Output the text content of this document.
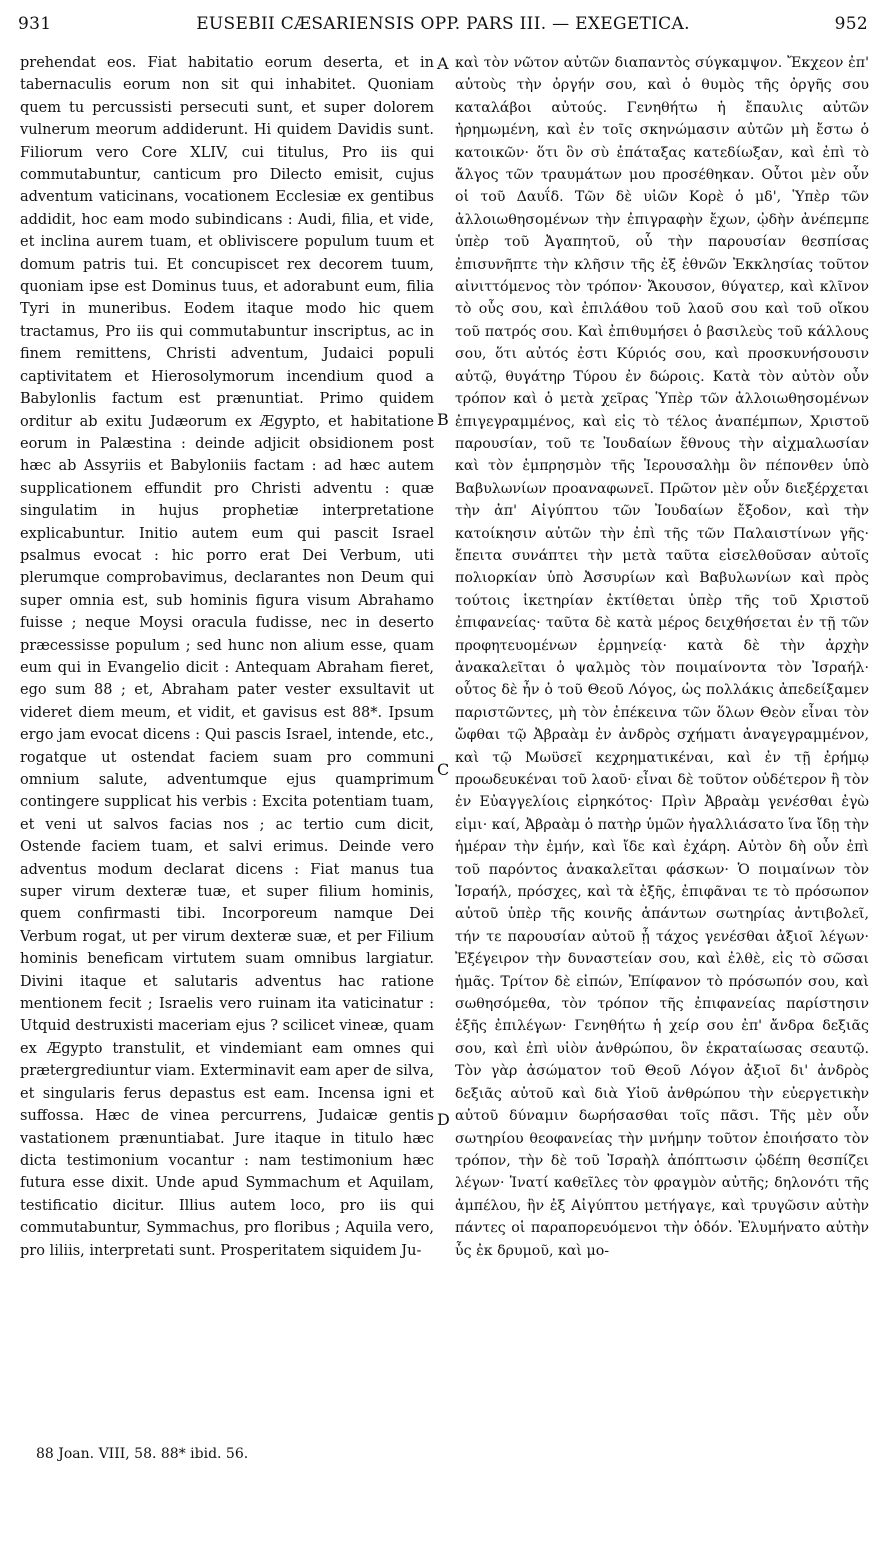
931	EUSEBII CÆSARIENSIS OPP. PARS III. — EXEGETICA.	952

prehendat eos. Fiat habitatio eorum deserta, et in tabernaculis eorum non sit qui inhabitet. Quoniam quem tu percussisti persecuti sunt, et super dolorem vulnerum meorum addiderunt. Hi quidem Davidis sunt. Filiorum vero Core XLIV, cui titulus, Pro iis qui commutabuntur, canticum pro Dilecto emisit, cujus adventum vaticinans, vocationem Ecclesiæ ex gentibus addidit, hoc eam modo subindicans : Audi, filia, et vide, et inclina aurem tuam, et obliviscere populum tuum et domum patris tui. Et concupiscet rex decorem tuum, quoniam ipse est Dominus tuus, et adorabunt eum, filia Tyri in muneribus. Eodem itaque modo hic quem tractamus, Pro iis qui commutabuntur inscriptus, ac in finem remittens, Christi adventum, Judaici populi captivitatem et Hierosolymorum incendium quod a Babylonlis factum est prænuntiat. Primo quidem orditur ab exitu Judæorum ex Ægypto, et habitatione eorum in Palæstina : deinde adjicit obsidionem post hæc ab Assyriis et Babyloniis factam : ad hæc autem supplicationem effundit pro Christi adventu : quæ singulatim in hujus prophetiæ interpretatione explicabuntur. Initio autem eum qui pascit Israel psalmus evocat : hic porro erat Dei Verbum, uti plerumque comprobavimus, declarantes non Deum qui super omnia est, sub hominis figura visum Abrahamo fuisse ; neque Moysi oracula fudisse, nec in deserto præcessisse populum ; sed hunc non alium esse, quam eum qui in Evangelio dicit : Antequam Abraham fieret, ego sum 88 ; et, Abraham pater vester exsultavit ut videret diem meum, et vidit, et gavisus est 88*. Ipsum ergo jam evocat dicens : Qui pascis Israel, intende, etc., rogatque ut ostendat faciem suam pro communi omnium salute, adventumque ejus quamprimum contingere supplicat his verbis : Excita potentiam tuam, et veni ut salvos facias nos ; ac tertio cum dicit, Ostende faciem tuam, et salvi erimus. Deinde vero adventus modum declarat dicens : Fiat manus tua super virum dexteræ tuæ, et super filium hominis, quem confirmasti tibi. Incorporeum namque Dei Verbum rogat, ut per virum dexteræ suæ, et per Filium hominis beneficam virtutem suam omnibus largiatur. Divini itaque et salutaris adventus hac ratione mentionem fecit ; Israelis vero ruinam ita vaticinatur : Utquid destruxisti maceriam ejus ? scilicet vineæ, quam ex Ægypto transtulit, et vindemiant eam omnes qui prætergrediuntur viam. Exterminavit eam aper de silva, et singularis ferus depastus est eam. Incensa igni et suffossa. Hæc de vinea percurrens, Judaicæ gentis vastationem prænuntiabat. Jure itaque in titulo hæc dicta testimonium vocantur : nam testimonium hæc futura esse dixit. Unde apud Symmachum et Aquilam, testificatio dicitur. Illius autem loco, pro iis qui commutabuntur, Symmachus, pro floribus ; Aquila vero, pro liliis, interpretati sunt. Prosperitatem siquidem Ju-

A
B
C
D

καὶ τὸν νῶτον αὐτῶν διαπαντὸς σύγκαμψον. Ἔκχεον ἐπ' αὐτοὺς τὴν ὀργήν σου, καὶ ὁ θυμὸς τῆς ὀργῆς σου καταλάβοι αὐτούς. Γενηθήτω ἡ ἔπαυλις αὐτῶν ἠρημωμένη, καὶ ἐν τοῖς σκηνώμασιν αὐτῶν μὴ ἔστω ὁ κατοικῶν· ὅτι ὃν σὺ ἐπάταξας κατεδίωξαν, καὶ ἐπὶ τὸ ἄλγος τῶν τραυμάτων μου προσέθηκαν. Οὗτοι μὲν οὖν οἱ τοῦ Δαυΐδ. Τῶν δὲ υἱῶν Κορὲ ὁ μδ', Ὑπὲρ τῶν ἀλλοιωθησομένων τὴν ἐπιγραφὴν ἔχων, ᾠδὴν ἀνέπεμπε ὑπὲρ τοῦ Ἀγαπητοῦ, οὗ τὴν παρουσίαν θεσπίσας ἐπισυνῆπτε τὴν κλῆσιν τῆς ἐξ ἐθνῶν Ἐκκλησίας τοῦτον αἰνιττόμενος τὸν τρόπον· Ἄκουσον, θύγατερ, καὶ κλῖνον τὸ οὖς σου, καὶ ἐπιλάθου τοῦ λαοῦ σου καὶ τοῦ οἴκου τοῦ πατρός σου. Καὶ ἐπιθυμήσει ὁ βασιλεὺς τοῦ κάλλους σου, ὅτι αὐτός ἐστι Κύριός σου, καὶ προσκυνήσουσιν αὐτῷ, θυγάτηρ Τύρου ἐν δώροις. Κατὰ τὸν αὐτὸν οὖν τρόπον καὶ ὁ μετὰ χεῖρας Ὑπὲρ τῶν ἀλλοιωθησομένων ἐπιγεγραμμένος, καὶ εἰς τὸ τέλος ἀναπέμπων, Χριστοῦ παρουσίαν, τοῦ τε Ἰουδαίων ἔθνους τὴν αἰχμαλωσίαν καὶ τὸν ἐμπρησμὸν τῆς Ἱερουσαλὴμ ὃν πέπονθεν ὑπὸ Βαβυλωνίων προαναφωνεῖ. Πρῶτον μὲν οὖν διεξέρχεται τὴν ἀπ' Αἰγύπτου τῶν Ἰουδαίων ἔξοδον, καὶ τὴν κατοίκησιν αὐτῶν τὴν ἐπὶ τῆς τῶν Παλαιστίνων γῆς· ἔπειτα συνάπτει τὴν μετὰ ταῦτα εἰσελθοῦσαν αὐτοῖς πολιορκίαν ὑπὸ Ἀσσυρίων καὶ Βαβυλωνίων καὶ πρὸς τούτοις ἱκετηρίαν ἐκτίθεται ὑπὲρ τῆς τοῦ Χριστοῦ ἐπιφανείας· ταῦτα δὲ κατὰ μέρος δειχθήσεται ἐν τῇ τῶν προφητευομένων ἑρμηνείᾳ· κατὰ δὲ τὴν ἀρχὴν ἀνακαλεῖται ὁ ψαλμὸς τὸν ποιμαίνοντα τὸν Ἰσραήλ· οὗτος δὲ ἦν ὁ τοῦ Θεοῦ Λόγος, ὡς πολλάκις ἀπεδείξαμεν παριστῶντες, μὴ τὸν ἐπέκεινα τῶν ὅλων Θεὸν εἶναι τὸν ὤφθαι τῷ Ἀβραὰμ ἐν ἀνδρὸς σχήματι ἀναγεγραμμένον, καὶ τῷ Μωϋσεῖ κεχρηματικέναι, καὶ ἐν τῇ ἐρήμῳ προωδευκέναι τοῦ λαοῦ· εἶναι δὲ τοῦτον οὐδέτερον ἢ τὸν ἐν Εὐαγγελίοις εἰρηκότος· Πρὶν Ἀβραὰμ γενέσθαι ἐγὼ εἰμι· καί, Ἀβραὰμ ὁ πατὴρ ὑμῶν ἠγαλλιάσατο ἵνα ἴδῃ τὴν ἡμέραν τὴν ἐμήν, καὶ ἴδε καὶ ἐχάρη. Αὐτὸν δὴ οὖν ἐπὶ τοῦ παρόντος ἀνακαλεῖται φάσκων· Ὁ ποιμαίνων τὸν Ἰσραήλ, πρόσχες, καὶ τὰ ἑξῆς, ἐπιφᾶναι τε τὸ πρόσωπον αὐτοῦ ὑπὲρ τῆς κοινῆς ἁπάντων σωτηρίας ἀντιβολεῖ, τήν τε παρουσίαν αὐτοῦ ᾗ τάχος γενέσθαι ἀξιοῖ λέγων· Ἐξέγειρον τὴν δυναστείαν σου, καὶ ἐλθὲ, εἰς τὸ σῶσαι ἡμᾶς. Τρίτον δὲ εἰπών, Ἐπίφανον τὸ πρόσωπόν σου, καὶ σωθησόμεθα, τὸν τρόπον τῆς ἐπιφανείας παρίστησιν ἑξῆς ἐπιλέγων· Γενηθήτω ἡ χείρ σου ἐπ' ἄνδρα δεξιᾶς σου, καὶ ἐπὶ υἱὸν ἀνθρώπου, ὃν ἐκραταίωσας σεαυτῷ. Τὸν γὰρ ἀσώματον τοῦ Θεοῦ Λόγον ἀξιοῖ δι' ἀνδρὸς δεξιᾶς αὐτοῦ καὶ διὰ Υἱοῦ ἀνθρώπου τὴν εὐεργετικὴν αὐτοῦ δύναμιν δωρήσασθαι τοῖς πᾶσι. Τῆς μὲν οὖν σωτηρίου θεοφανείας τὴν μνήμην τοῦτον ἐποιήσατο τὸν τρόπον, τὴν δὲ τοῦ Ἰσραὴλ ἀπόπτωσιν ᾠδέπη θεσπίζει λέγων· Ἱνατί καθεῖλες τὸν φραγμὸν αὐτῆς; δηλονότι τῆς ἀμπέλου, ἣν ἐξ Αἰγύπτου μετήγαγε, καὶ τρυγῶσιν αὐτὴν πάντες οἱ παραπορευόμενοι τὴν ὁδόν. Ἐλυμήνατο αὐτὴν ὗς ἐκ δρυμοῦ, καὶ μο-

88 Joan. VIII, 58. 88* ibid. 56.
